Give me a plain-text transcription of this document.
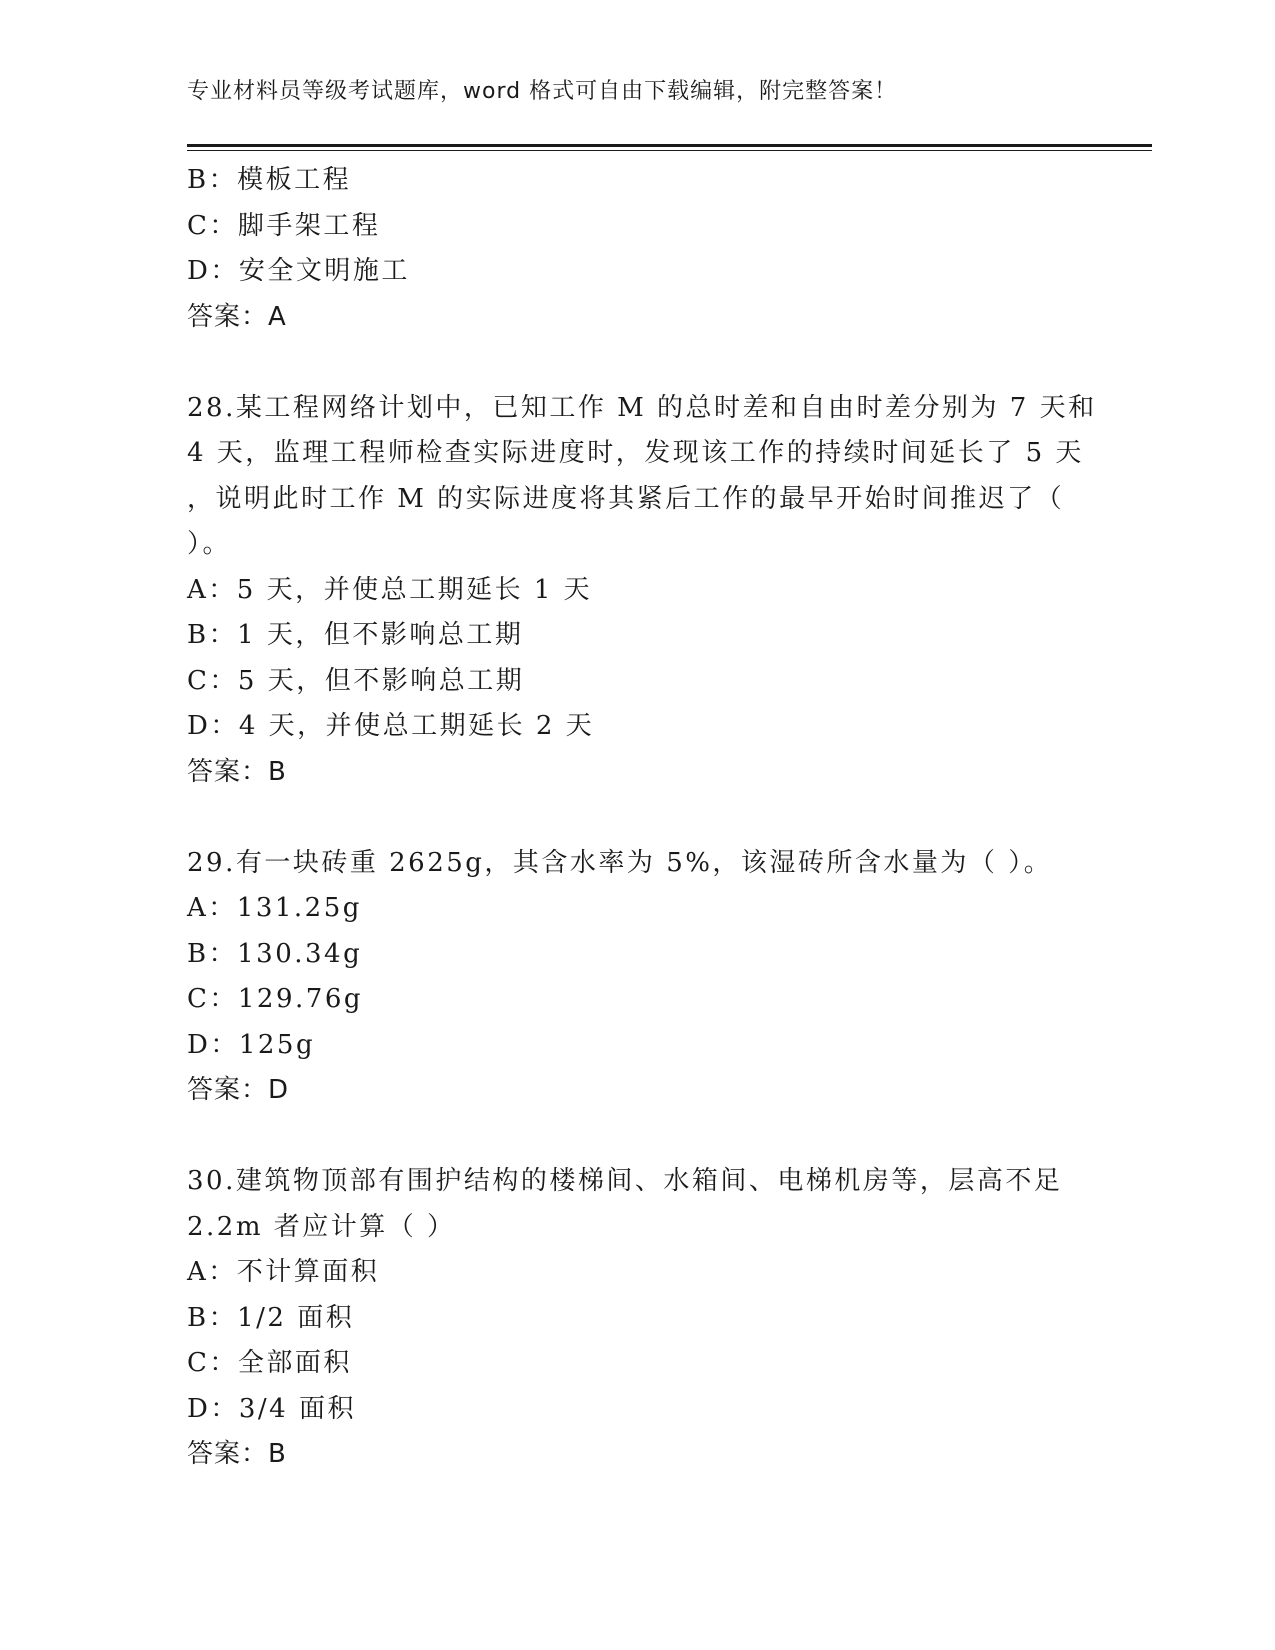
专业材料员等级考试题库，word 格式可自由下载编辑，附完整答案！
B：模板工程
C：脚手架工程
D：安全文明施工
答案：A
28.某工程网络计划中，已知工作 M 的总时差和自由时差分别为 7 天和
4 天，监理工程师检查实际进度时，发现该工作的持续时间延长了 5 天
，说明此时工作 M 的实际进度将其紧后工作的最早开始时间推迟了（
）。
A：5 天，并使总工期延长 1 天
B：1 天，但不影响总工期
C：5 天，但不影响总工期
D：4 天，并使总工期延长 2 天
答案：B
29.有一块砖重 2625g，其含水率为 5%，该湿砖所含水量为（ ）。
A：131.25g
B：130.34g
C：129.76g
D：125g
答案：D
30.建筑物顶部有围护结构的楼梯间、水箱间、电梯机房等，层高不足
2.2m 者应计算（ ）
A：不计算面积
B：1/2 面积
C：全部面积
D：3/4 面积
答案：B
